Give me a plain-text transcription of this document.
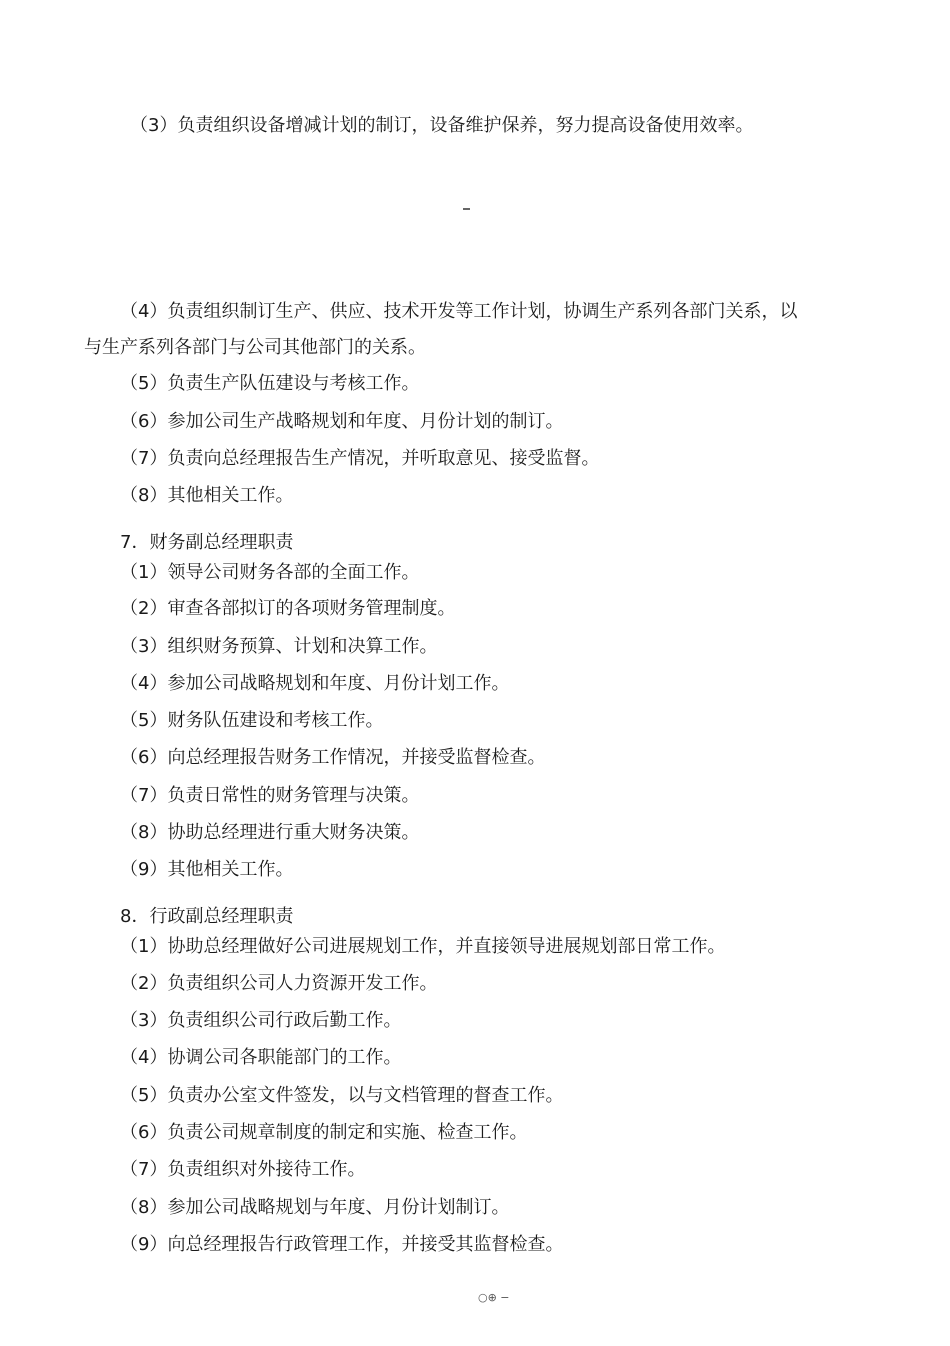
（3）负责组织设备增减计划的制订，设备维护保养，努力提高设备使用效率。
（4）负责组织制订生产、供应、技术开发等工作计划，协调生产系列各部门关系，以
与生产系列各部门与公司其他部门的关系。
（5）负责生产队伍建设与考核工作。
（6）参加公司生产战略规划和年度、月份计划的制订。
（7）负责向总经理报告生产情况，并听取意见、接受监督。
（8）其他相关工作。
7．财务副总经理职责
（1）领导公司财务各部的全面工作。
（2）审查各部拟订的各项财务管理制度。
（3）组织财务预算、计划和决算工作。
（4）参加公司战略规划和年度、月份计划工作。
（5）财务队伍建设和考核工作。
（6）向总经理报告财务工作情况，并接受监督检查。
（7）负责日常性的财务管理与决策。
（8）协助总经理进行重大财务决策。
（9）其他相关工作。
8．行政副总经理职责
（1）协助总经理做好公司进展规划工作，并直接领导进展规划部日常工作。
（2）负责组织公司人力资源开发工作。
（3）负责组织公司行政后勤工作。
（4）协调公司各职能部门的工作。
（5）负责办公室文件签发，以与文档管理的督查工作。
（6）负责公司规章制度的制定和实施、检查工作。
（7）负责组织对外接待工作。
（8）参加公司战略规划与年度、月份计划制订。
（9）向总经理报告行政管理工作，并接受其监督检查。
○⊕ −
